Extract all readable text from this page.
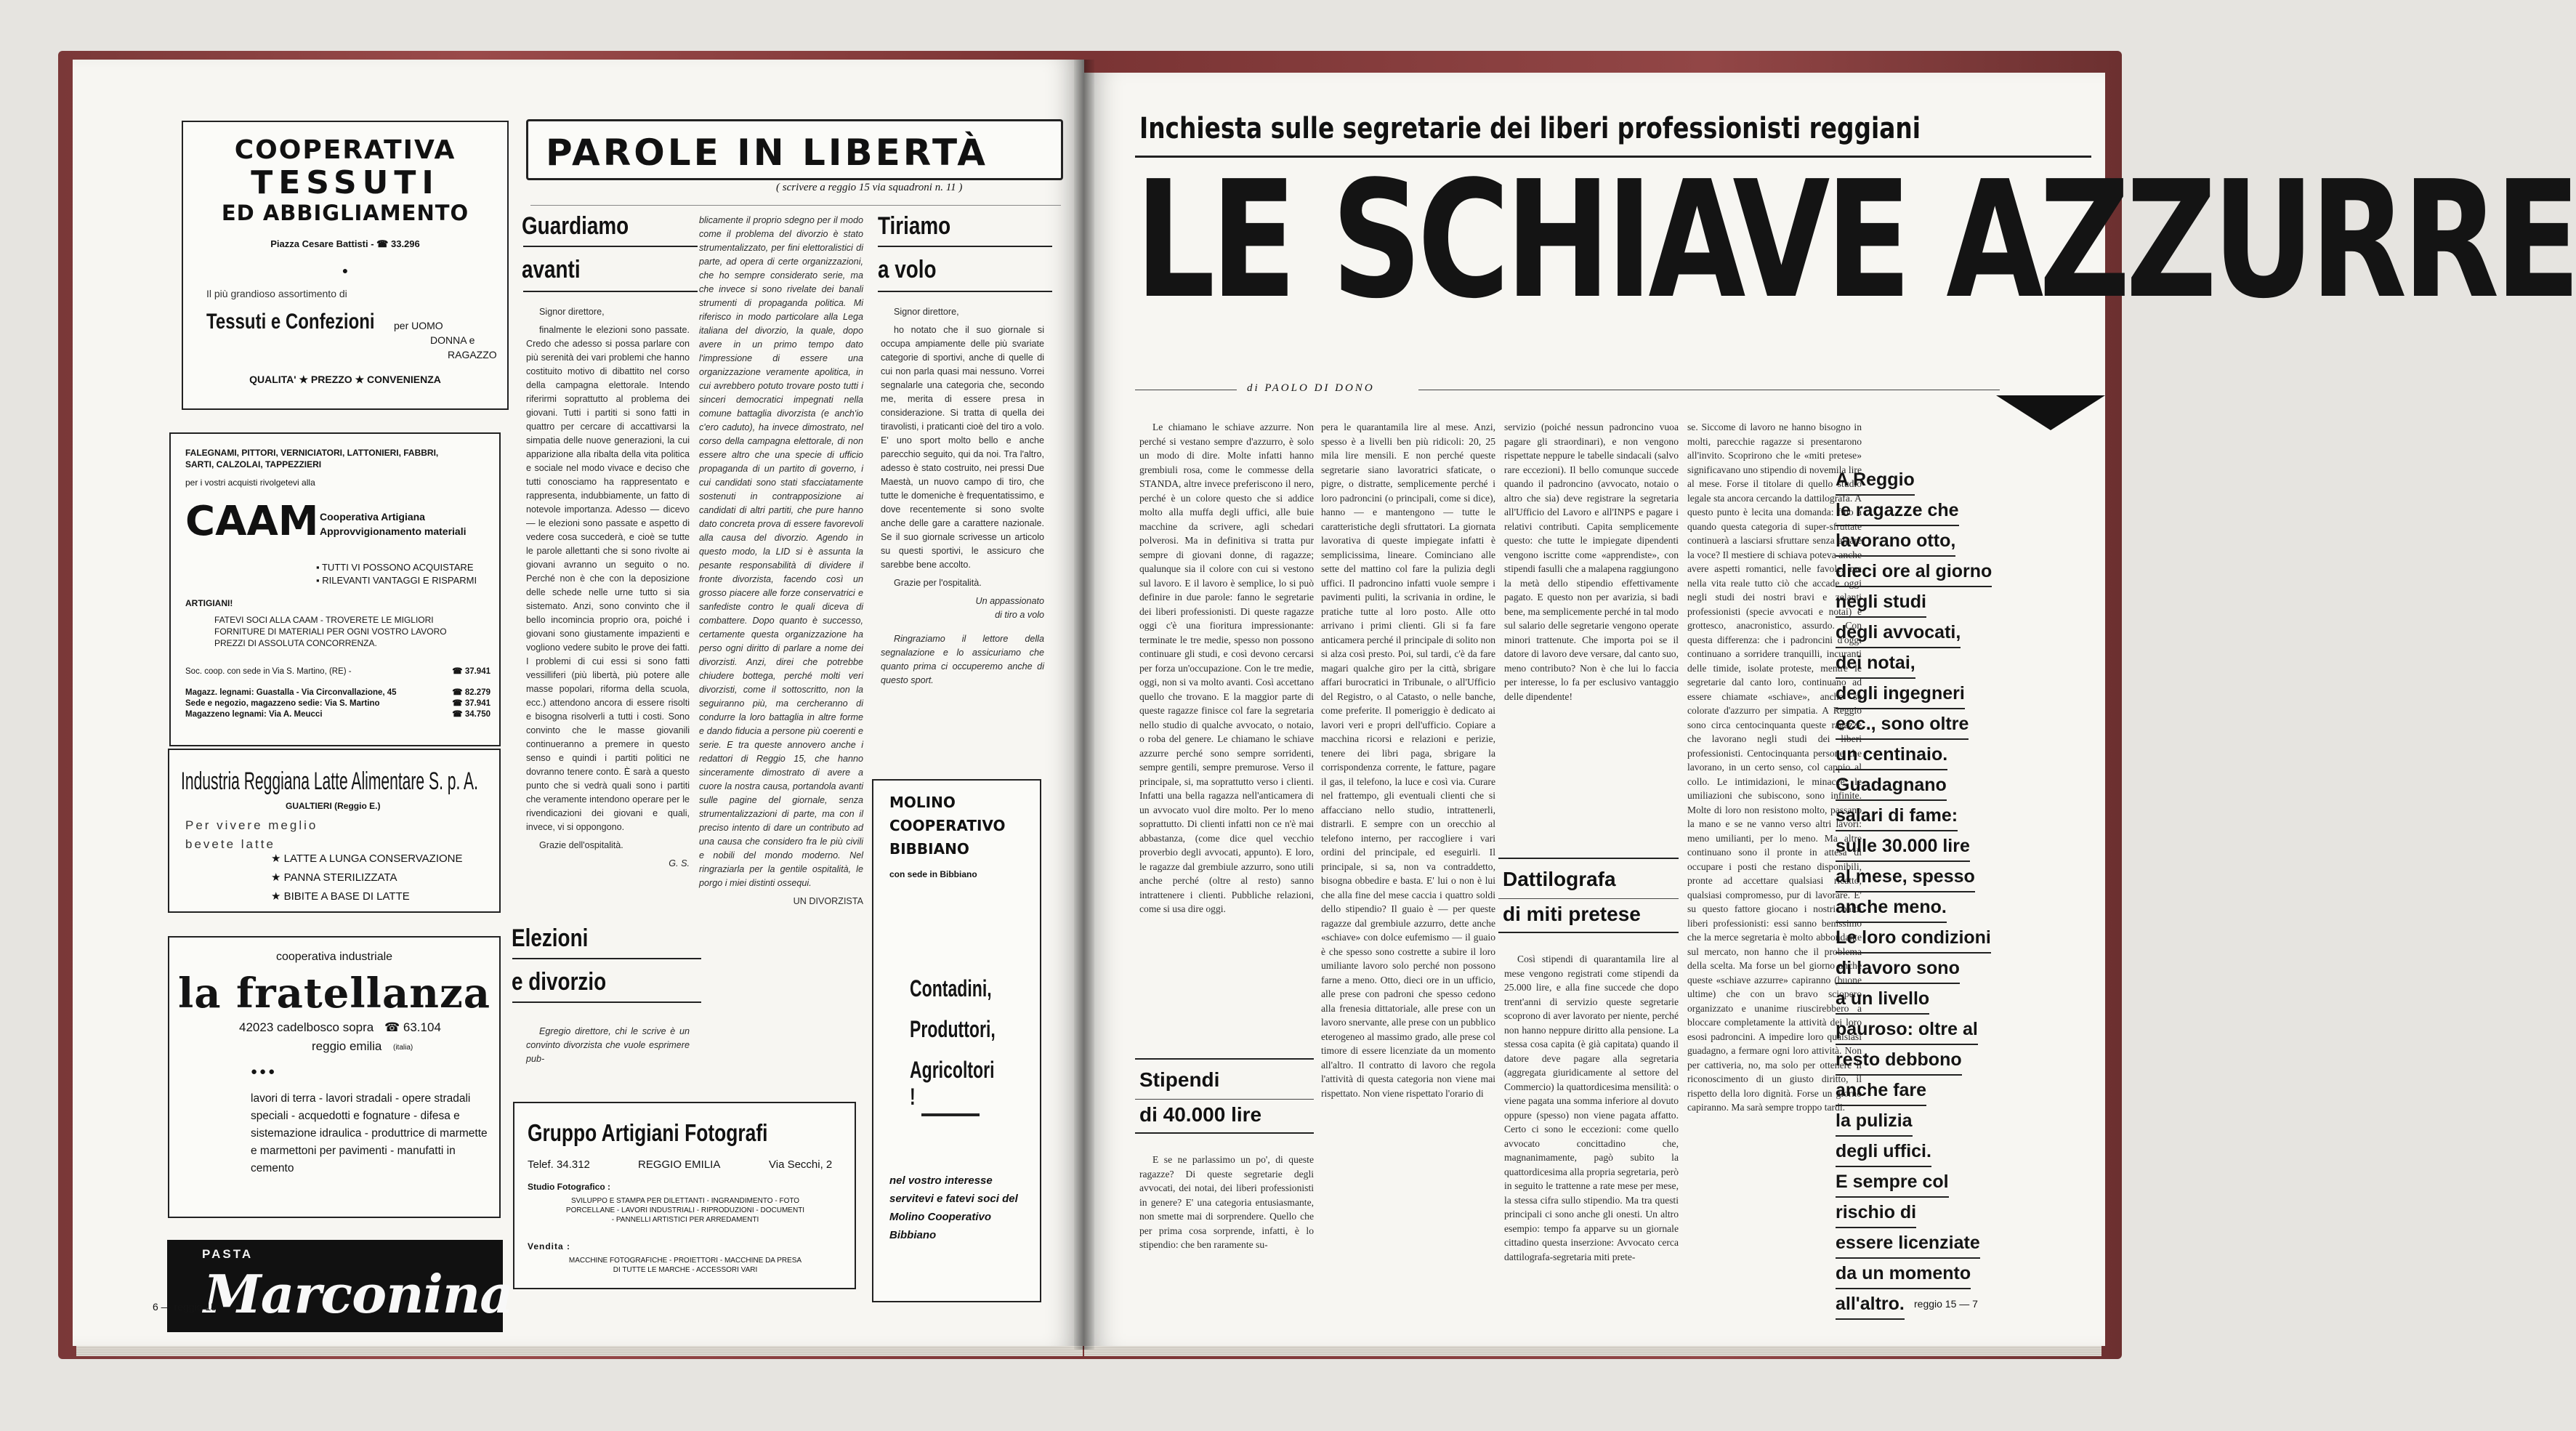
COOPERATIVA
TESSUTI
ED ABBIGLIAMENTO
Piazza Cesare Battisti - ☎ 33.296
●
Il più grandioso assortimento di
Tessuti e Confezioni per UOMO
DONNA e
RAGAZZO
QUALITA' ★ PREZZO ★ CONVENIENZA
FALEGNAMI, PITTORI, VERNICIATORI, LATTONIERI, FABBRI, SARTI, CALZOLAI, TAPPEZZIERI
per i vostri acquisti rivolgetevi alla
CAAM Cooperativa Artigiana
Approvvigionamento materiali
▪ TUTTI VI POSSONO ACQUISTARE
▪ RILEVANTI VANTAGGI E RISPARMI
ARTIGIANI!
FATEVI SOCI ALLA CAAM - TROVERETE LE MIGLIORI FORNITURE DI MATERIALI PER OGNI VOSTRO LAVORO PREZZI DI ASSOLUTA CONCORRENZA.
Soc. coop. con sede in Via S. Martino, (RE) -	☎ 37.941
Magazz. legnami: Guastalla - Via Circonvallazione, 45	☎ 82.279
Sede e negozio, magazzeno sedie: Via S. Martino	☎ 37.941
Magazzeno legnami: Via A. Meucci	☎ 34.750
Industria Reggiana Latte Alimentare S. p. A.
GUALTIERI (Reggio E.)
Per vivere meglio
bevete latte
★ LATTE A LUNGA CONSERVAZIONE
★ PANNA STERILIZZATA
★ BIBITE A BASE DI LATTE
cooperativa industriale
la fratellanza
42023 cadelbosco sopra ☎ 63.104
reggio emilia (italia)
●●●
lavori di terra - lavori stradali - opere stradali speciali - acquedotti e fognature - difesa e sistemazione idraulica - produttrice di marmette e marmettoni per pavimenti - manufatti in cemento
PASTA
Marconina
PAROLE IN LIBERTÀ
( scrivere a reggio 15 via squadroni n. 11 )
Guardiamo
avanti

Signor direttore,

finalmente le elezioni sono passate. Credo che adesso si possa parlare con più serenità dei vari problemi che hanno costituito motivo di dibattito nel corso della campagna elettorale. Intendo riferirmi soprattutto al problema dei giovani. Tutti i partiti si sono fatti in quattro per cercare di accattivarsi la simpatia delle nuove generazioni, la cui apparizione alla ribalta della vita politica e sociale nel modo vivace e deciso che tutti conosciamo ha rappresentato e rappresenta, indubbiamente, un fatto di notevole importanza. Adesso — dicevo — le elezioni sono passate e aspetto di vedere cosa succederà, e cioè se tutte le parole allettanti che si sono rivolte ai giovani avranno un seguito o no. Perché non è che con la deposizione delle schede nelle urne tutto si sia sistemato. Anzi, sono convinto che il bello incomincia proprio ora, poiché i giovani sono giustamente impazienti e vogliono vedere subito le prove dei fatti. I problemi di cui essi si sono fatti vessilliferi (più libertà, più potere alle masse popolari, riforma della scuola, ecc.) attendono ancora di essere risolti e bisogna risolverli a tutti i costi. Sono convinto che le masse giovanili continueranno a premere in questo senso e quindi i partiti politici ne dovranno tenere conto. È sarà a questo punto che si vedrà quali sono i partiti che veramente intendono operare per le rivendicazioni dei giovani e quali, invece, vi si oppongono.

Grazie dell'ospitalità.

G. S.

Elezioni
e divorzio
Egregio direttore, chi le scrive è un convinto divorzista che vuole esprimere pub-

blicamente il proprio sdegno per il modo come il problema del divorzio è stato strumentalizzato, per fini elettoralistici di parte, ad opera di certe organizzazioni, che ho sempre considerato serie, ma che invece si sono rivelate dei banali strumenti di propaganda politica. Mi riferisco in modo particolare alla Lega italiana del divorzio, la quale, dopo avere in un primo tempo dato l'impressione di essere una organizzazione veramente apolitica, in cui avrebbero potuto trovare posto tutti i sinceri democratici impegnati nella comune battaglia divorzista (e anch'io c'ero caduto), ha invece dimostrato, nel corso della campagna elettorale, di non essere altro che una specie di ufficio propaganda di un partito di governo, i cui candidati sono stati sfacciatamente sostenuti in contrapposizione ai candidati di altri partiti, che pure hanno dato concreta prova di essere favorevoli alla causa del divorzio. Agendo in questo modo, la LID si è assunta la pesante responsabilità di dividere il fronte divorzista, facendo così un grosso piacere alle forze conservatrici e sanfediste contro le quali diceva di combattere. Dopo quanto è successo, certamente questa organizzazione ha perso ogni diritto di parlare a nome dei divorzisti. Anzi, direi che potrebbe chiudere bottega, perché molti veri divorzisti, come il sottoscritto, non la seguiranno più, ma cercheranno di condurre la loro battaglia in altre forme e dando fiducia a persone più coerenti e serie. E tra queste annovero anche i redattori di Reggio 15, che hanno sinceramente dimostrato di avere a cuore la nostra causa, portandola avanti sulle pagine del giornale, senza strumentalizzazioni di parte, ma con il preciso intento di dare un contributo ad una causa che considero fra le più civili e nobili del mondo moderno. Nel ringraziarla per la gentile ospitalità, le porgo i miei distinti ossequi.

UN DIVORZISTA

Tiriamo
a volo

Signor direttore,

ho notato che il suo giornale si occupa ampiamente delle più svariate categorie di sportivi, anche di quelle di cui non parla quasi mai nessuno. Vorrei segnalarle una categoria che, secondo me, merita di essere presa in considerazione. Si tratta di quella dei tiravolisti, i praticanti cioè del tiro a volo. E' uno sport molto bello e anche parecchio seguito, qui da noi. Tra l'altro, adesso è stato costruito, nei pressi Due Maestà, un nuovo campo di tiro, che tutte le domeniche è frequentatissimo, e dove recentemente si sono svolte anche delle gare a carattere nazionale. Se il suo giornale scrivesse un articolo su questi sportivi, le assicuro che sarebbe bene accolto.

Grazie per l'ospitalità.

Un appassionato

di tiro a volo

Ringraziamo il lettore della segnalazione e lo assicuriamo che quanto prima ci occuperemo anche di questo sport.

MOLINO
COOPERATIVO
BIBBIANO
con sede in Bibbiano
Contadini,
Produttori,
Agricoltori !
nel vostro interesse servitevi e fatevi soci del Molino Cooperativo Bibbiano
Gruppo Artigiani Fotografi
Telef. 34.312	REGGIO EMILIA	Via Secchi, 2
Studio Fotografico :
SVILUPPO E STAMPA PER DILETTANTI - INGRANDIMENTO - FOTO PORCELLANE - LAVORI INDUSTRIALI - RIPRODUZIONI - DOCUMENTI - PANNELLI ARTISTICI PER ARREDAMENTI
Vendita :
MACCHINE FOTOGRAFICHE - PROIETTORI - MACCHINE DA PRESA DI TUTTE LE MARCHE - ACCESSORI VARI
6 — reggio 15
Inchiesta sulle segretarie dei liberi professionisti reggiani
LE SCHIAVE AZZURRE
di PAOLO DI DONO

Le chiamano le schiave azzurre. Non perché si vestano sempre d'azzurro, è solo un modo di dire. Molte infatti hanno grembiuli rosa, come le commesse della STANDA, altre invece preferiscono il nero, perché è un colore questo che si addice molto alla muffa degli uffici, alle buie macchine da scrivere, agli schedari polverosi. Ma in definitiva si tratta pur sempre di giovani donne, di ragazze; qualunque sia il colore con cui si vestono sul lavoro. E il lavoro è semplice, lo si può definire in due parole: fanno le segretarie dei liberi professionisti. Di queste ragazze oggi c'è una fioritura impressionante: terminate le tre medie, spesso non possono continuare gli studi, e così devono cercarsi per forza un'occupazione. Con le tre medie, oggi, non si va molto avanti. Così accettano quello che trovano. E la maggior parte di queste ragazze finisce col fare la segretaria nello studio di qualche avvocato, o notaio, o roba del genere. Le chiamano le schiave azzurre perché sono sempre sorridenti, sempre gentili, sempre premurose. Verso il principale, si, ma soprattutto verso i clienti. Infatti una bella ragazza nell'anticamera di un avvocato vuol dire molto. Per lo meno soprattutto. Di clienti infatti non ce n'è mai abbastanza, (come dice quel vecchio proverbio degli avvocati, appunto). E loro, le ragazze dal grembiule azzurro, sono utili anche perché (oltre al resto) sanno intrattenere i clienti. Pubbliche relazioni, come si usa dire oggi.

Stipendi
di 40.000 lire

E se ne parlassimo un po', di queste ragazze? Di queste segretarie degli avvocati, dei notai, dei liberi professionisti in genere? E' una categoria entusiasmante, non smette mai di sorprendere. Quello che per prima cosa sorprende, infatti, è lo stipendio: che ben raramente su-

pera le quarantamila lire al mese. Anzi, spesso è a livelli ben più ridicoli: 20, 25 mila lire mensili. E non perché queste segretarie siano lavoratrici sfaticate, o pigre, o distratte, semplicemente perché i loro padroncini (o principali, come si dice), hanno — e mantengono — tutte le caratteristiche degli sfruttatori. La giornata lavorativa di queste impiegate infatti è semplicissima, lineare. Cominciano alle sette del mattino col fare la pulizia degli uffici. Il padroncino infatti vuole sempre i pavimenti puliti, la scrivania in ordine, le pratiche tutte al loro posto. Alle otto arrivano i primi clienti. Gli si fa fare anticamera perché il principale di solito non si alza così presto. Poi, sul tardi, c'è da fare magari qualche giro per la città, sbrigare affari burocratici in Tribunale, o all'Ufficio del Registro, o al Catasto, o nelle banche, come preferite. Il pomeriggio è dedicato ai lavori veri e propri dell'ufficio. Copiare a macchina ricorsi e relazioni e perizie, tenere dei libri paga, sbrigare la corrispondenza corrente, le fatture, pagare il gas, il telefono, la luce e così via. Curare nel frattempo, gli eventuali clienti che si affacciano nello studio, intrattenerli, distrarli. E sempre con un orecchio al telefono interno, per raccogliere i vari ordini del principale, ed eseguirli. Il principale, si sa, non va contraddetto, bisogna obbedire e basta. E' lui o non è lui che alla fine del mese caccia i quattro soldi dello stipendio? Il guaio è — per queste ragazze dal grembiule azzurro, dette anche «schiave» con dolce eufemismo — il guaio è che spesso sono costrette a subire il loro umiliante lavoro solo perché non possono farne a meno. Otto, dieci ore in un ufficio, alle prese con padroni che spesso cedono alla frenesia dittatoriale, alle prese con un lavoro snervante, alle prese con un pubblico eterogeneo al massimo grado, alle prese col timore di essere licenziate da un momento all'altro. Il contratto di lavoro che regola l'attività di questa categoria non viene mai rispettato. Non viene rispettato l'orario di

servizio (poiché nessun padroncino vuoa pagare gli straordinari), e non vengono rispettate neppure le tabelle sindacali (salvo rare eccezioni). Il bello comunque succede quando il padroncino (avvocato, notaio o altro che sia) deve registrare la segretaria all'Ufficio del Lavoro e all'INPS e pagare i relativi contributi. Capita semplicemente questo: che tutte le impiegate dipendenti vengono iscritte come «apprendiste», con stipendi fasulli che a malapena raggiungono la metà dello stipendio effettivamente pagato. E questo non per avarizia, si badi bene, ma semplicemente perché in tal modo sul salario delle segretarie vengono operate minori trattenute. Che importa poi se il datore di lavoro deve versare, dal canto suo, meno contributo? Non è che lui lo faccia per interesse, lo fa per esclusivo vantaggio delle dipendente!

Dattilografa
di miti pretese

Così stipendi di quarantamila lire al mese vengono registrati come stipendi da 25.000 lire, e alla fine succede che dopo trent'anni di servizio queste segretarie scoprono di aver lavorato per niente, perché non hanno neppure diritto alla pensione. La stessa cosa capita (è già capitata) quando il datore deve pagare alla segretaria (aggregata giuridicamente al settore del Commercio) la quattordicesima mensilità: o viene pagata una somma inferiore al dovuto oppure (spesso) non viene pagata affatto. Certo ci sono le eccezioni: come quello avvocato concittadino che, magnanimamente, pagò subito la quattordicesima alla propria segretaria, però in seguito le trattenne a rate mese per mese, la stessa cifra sullo stipendio. Ma tra questi principali ci sono anche gli onesti. Un altro esempio: tempo fa apparve su un giornale cittadino questa inserzione: Avvocato cerca dattilografa-segretaria miti prete-

se. Siccome di lavoro ne hanno bisogno in molti, parecchie ragazze si presentarono all'invito. Scoprirono che le «miti pretese» significavano uno stipendio di novemila lire al mese. Forse il titolare di quello studio legale sta ancora cercando la dattilografa. A questo punto è lecita una domanda: fino a quando questa categoria di super-sfruttate continuerà a lasciarsi sfruttare senza alzare la voce? Il mestiere di schiava poteva anche avere aspetti romantici, nelle favole, ma nella vita reale tutto ciò che accade oggi negli studi dei nostri bravi e zelanti professionisti (specie avvocati e notai) è grottesco, anacronistico, assurdo. Con questa differenza: che i padroncini d'oggi continuano a sorridere tranquilli, incuranti delle timide, isolate proteste, mentre le segretarie dal canto loro, continuano ad essere chiamate «schiave», anche se colorate d'azzurro per simpatia. A Reggio sono circa centocinquanta queste ragazze che lavorano negli studi dei liberi professionisti. Centocinquanta persone che lavorano, in un certo senso, col cappio al collo. Le intimidazioni, le minacce, le umiliazioni che subiscono, sono infinite. Molte di loro non resistono molto, passano la mano e se ne vanno verso altri lavori: meno umilianti, per lo meno. Ma altre continuano sono il pronte in attesa di occupare i posti che restano disponibili, pronte ad accettare qualsiasi ricatto, qualsiasi compromesso, pur di lavorare. E' su questo fattore giocano i nostri baldi liberi professionisti: essi sanno benissimo che la merce segretaria è molto abbondante sul mercato, non hanno che il problema della scelta. Ma forse un bel giorno anche queste «schiave azzurre» capiranno (buone ultime) che con un bravo sciopero organizzato e unanime riuscirebbero a bloccare completamente la attività dei loro esosi padroncini. A impedire loro qualsiasi guadagno, a fermare ogni loro attività. Non per cattiveria, no, ma solo per ottenere il riconoscimento di un giusto diritto, il rispetto della loro dignità. Forse un giorno capiranno. Ma sarà sempre troppo tardi.

A Reggio
le ragazze che
lavorano otto,
dieci ore al giorno
negli studi
degli avvocati,
dei notai,
degli ingegneri
ecc., sono oltre
un centinaio.
Guadagnano
salari di fame:
sulle 30.000 lire
al mese, spesso
anche meno.
Le loro condizioni
di lavoro sono
a un livello
pauroso: oltre al
resto debbono
anche fare
la pulizia
degli uffici.
E sempre col
rischio di
essere licenziate
da un momento
all'altro. reggio 15 — 7
